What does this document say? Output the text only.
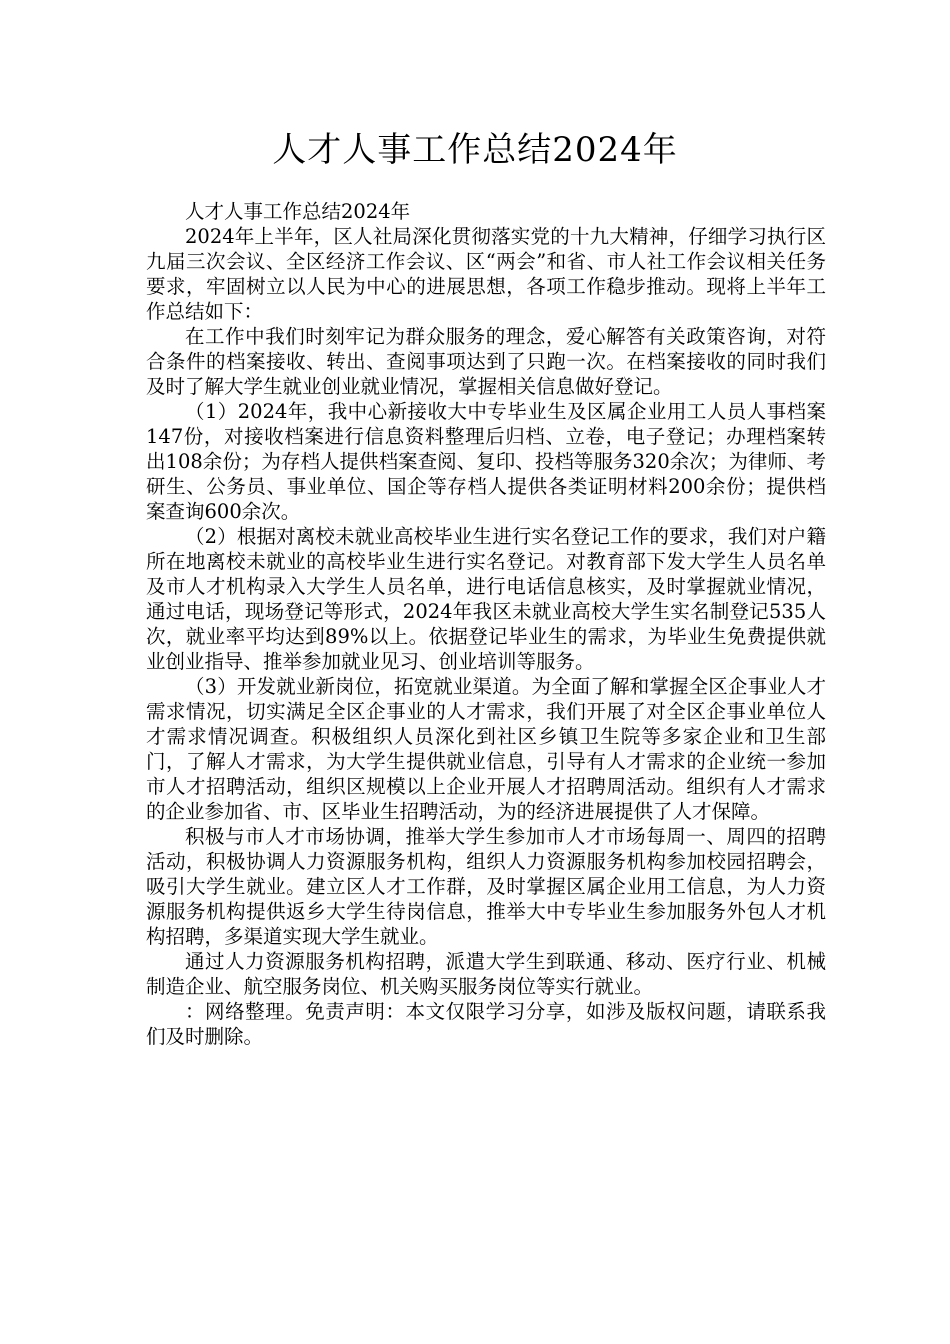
人才人事工作总结2024年

人才人事工作总结2024年

2024年上半年，区人社局深化贯彻落实党的十九大精神，仔细学习执行区九届三次会议、全区经济工作会议、区“两会”和省、市人社工作会议相关任务要求，牢固树立以人民为中心的进展思想，各项工作稳步推动。现将上半年工作总结如下：

在工作中我们时刻牢记为群众服务的理念，爱心解答有关政策咨询，对符合条件的档案接收、转出、查阅事项达到了只跑一次。在档案接收的同时我们及时了解大学生就业创业就业情况，掌握相关信息做好登记。

（1）2024年，我中心新接收大中专毕业生及区属企业用工人员人事档案147份，对接收档案进行信息资料整理后归档、立卷，电子登记；办理档案转出108余份；为存档人提供档案查阅、复印、投档等服务320余次；为律师、考研生、公务员、事业单位、国企等存档人提供各类证明材料200余份；提供档案查询600余次。

（2）根据对离校未就业高校毕业生进行实名登记工作的要求，我们对户籍所在地离校未就业的高校毕业生进行实名登记。对教育部下发大学生人员名单及市人才机构录入大学生人员名单，进行电话信息核实，及时掌握就业情况，通过电话，现场登记等形式，2024年我区未就业高校大学生实名制登记535人次，就业率平均达到89%以上。依据登记毕业生的需求，为毕业生免费提供就业创业指导、推举参加就业见习、创业培训等服务。

（3）开发就业新岗位，拓宽就业渠道。为全面了解和掌握全区企事业人才需求情况，切实满足全区企事业的人才需求，我们开展了对全区企事业单位人才需求情况调查。积极组织人员深化到社区乡镇卫生院等多家企业和卫生部门，了解人才需求，为大学生提供就业信息，引导有人才需求的企业统一参加市人才招聘活动，组织区规模以上企业开展人才招聘周活动。组织有人才需求的企业参加省、市、区毕业生招聘活动，为的经济进展提供了人才保障。

积极与市人才市场协调，推举大学生参加市人才市场每周一、周四的招聘活动，积极协调人力资源服务机构，组织人力资源服务机构参加校园招聘会，吸引大学生就业。建立区人才工作群，及时掌握区属企业用工信息，为人力资源服务机构提供返乡大学生待岗信息，推举大中专毕业生参加服务外包人才机构招聘，多渠道实现大学生就业。

通过人力资源服务机构招聘，派遣大学生到联通、移动、医疗行业、机械制造企业、航空服务岗位、机关购买服务岗位等实行就业。

：网络整理。免责声明：本文仅限学习分享，如涉及版权问题，请联系我们及时删除。
